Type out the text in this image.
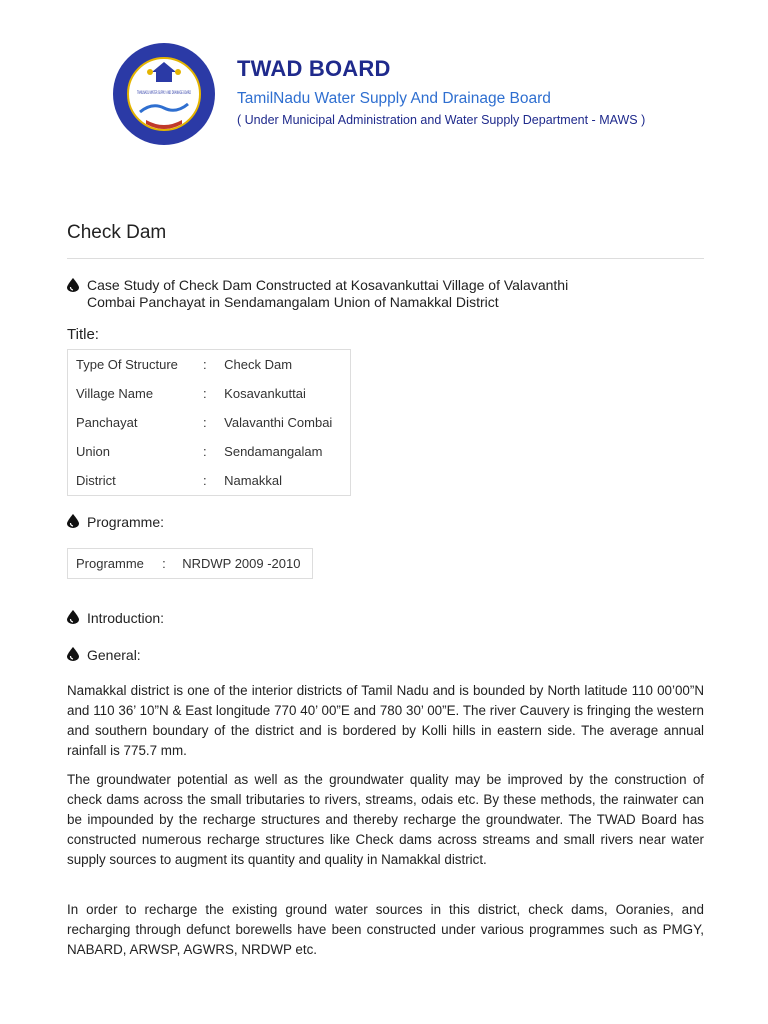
TWAD BOARD
TamilNadu Water Supply And Drainage Board
( Under Municipal Administration and Water Supply Department - MAWS )
Check Dam
Case Study of Check Dam Constructed at Kosavankuttai Village of Valavanthi
Combai Panchayat in Sendamangalam Union of Namakkal District
Title:
Type Of Structure	:	Check Dam
Village Name	:	Kosavankuttai
Panchayat	:	Valavanthi Combai
Union	:	Sendamangalam
District	:	Namakkal
Programme:
Programme	:	NRDWP 2009 -2010
Introduction:
General:
Namakkal district is one of the interior districts of Tamil Nadu and is bounded by North latitude 110 00’00”N and 110 36’ 10”N & East longitude 770 40’ 00”E and 780 30’ 00”E. The river Cauvery is fringing the western and southern boundary of the district and is bordered by Kolli hills in eastern side. The average annual rainfall is 775.7 mm.
The groundwater potential as well as the groundwater quality may be improved by the construction of check dams across the small tributaries to rivers, streams, odais etc. By these methods, the rainwater can be impounded by the recharge structures and thereby recharge the groundwater. The TWAD Board has constructed numerous recharge structures like Check dams across streams and small rivers near water supply sources to augment its quantity and quality in Namakkal district.
In order to recharge the existing ground water sources in this district, check dams, Ooranies, and recharging through defunct borewells have been constructed under various programmes such as PMGY, NABARD, ARWSP, AGWRS, NRDWP etc.
